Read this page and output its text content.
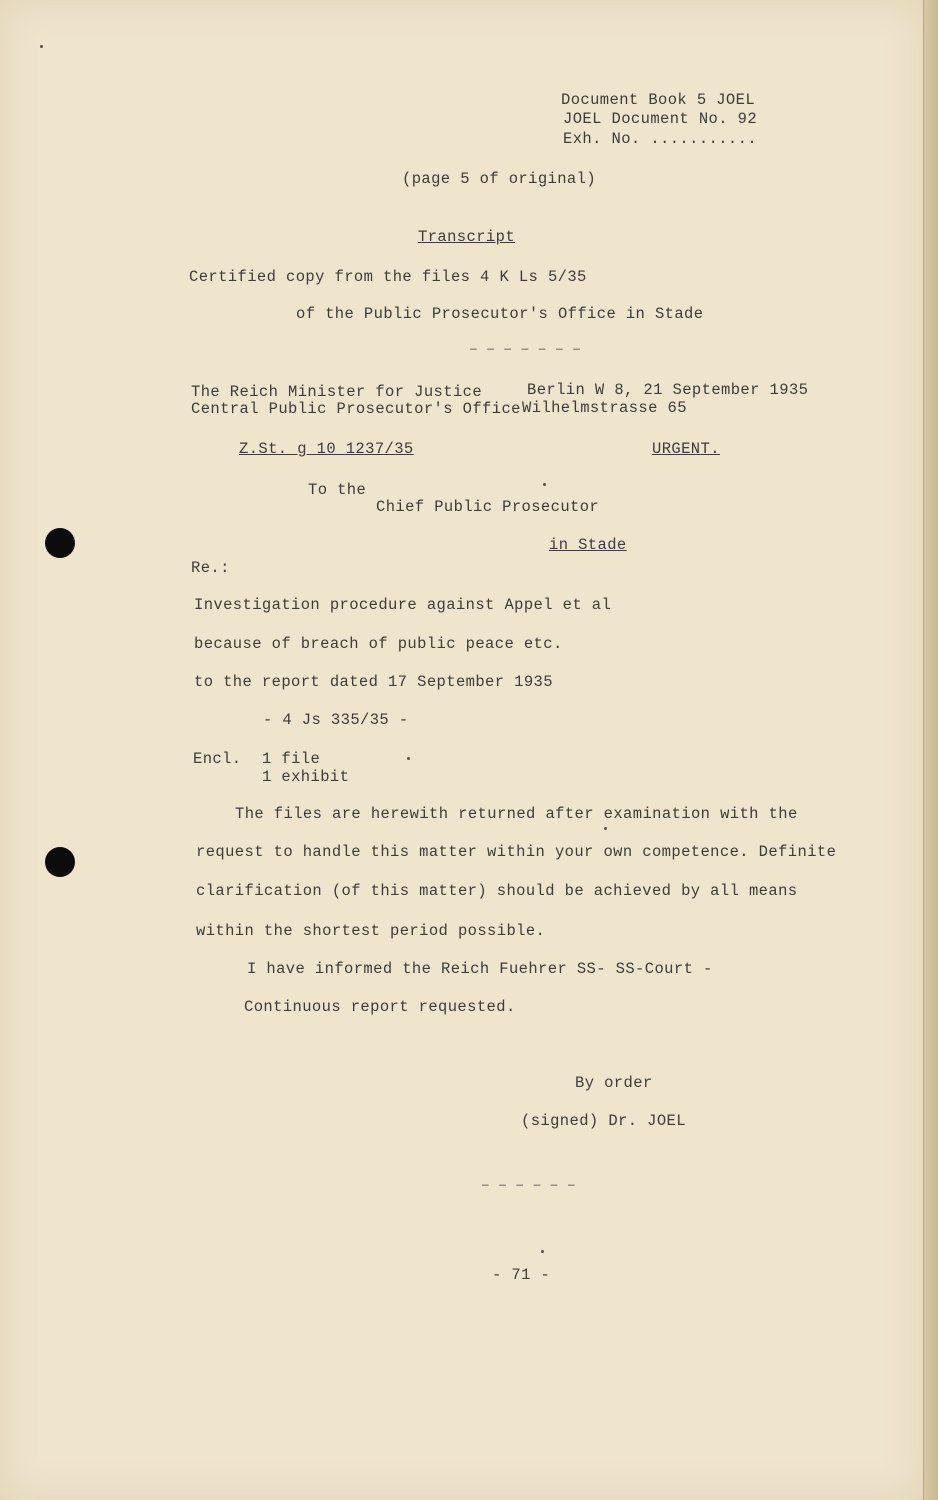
Document Book 5 JOEL
JOEL Document No. 92
Exh. No. ...........
(page 5 of original)
Transcript
Certified copy from the files 4 K Ls 5/35
of the Public Prosecutor's Office in Stade
— — — — — — —
The Reich Minister for Justice
Central Public Prosecutor's Office
Berlin W 8, 21 September 1935
Wilhelmstrasse 65
Z.St. g 10 1237/35	URGENT.
To the
Chief Public Prosecutor
in Stade
Re.:
Investigation procedure against Appel et al
because of breach of public peace etc.
to the report dated 17 September 1935
- 4 Js 335/35 -
Encl. 1 file
1 exhibit
The files are herewith returned after examination with the
request to handle this matter within your own competence. Definite
clarification (of this matter) should be achieved by all means
within the shortest period possible.
I have informed the Reich Fuehrer SS- SS-Court -
Continuous report requested.
By order
(signed) Dr. JOEL
— — — — — —
- 71 -
